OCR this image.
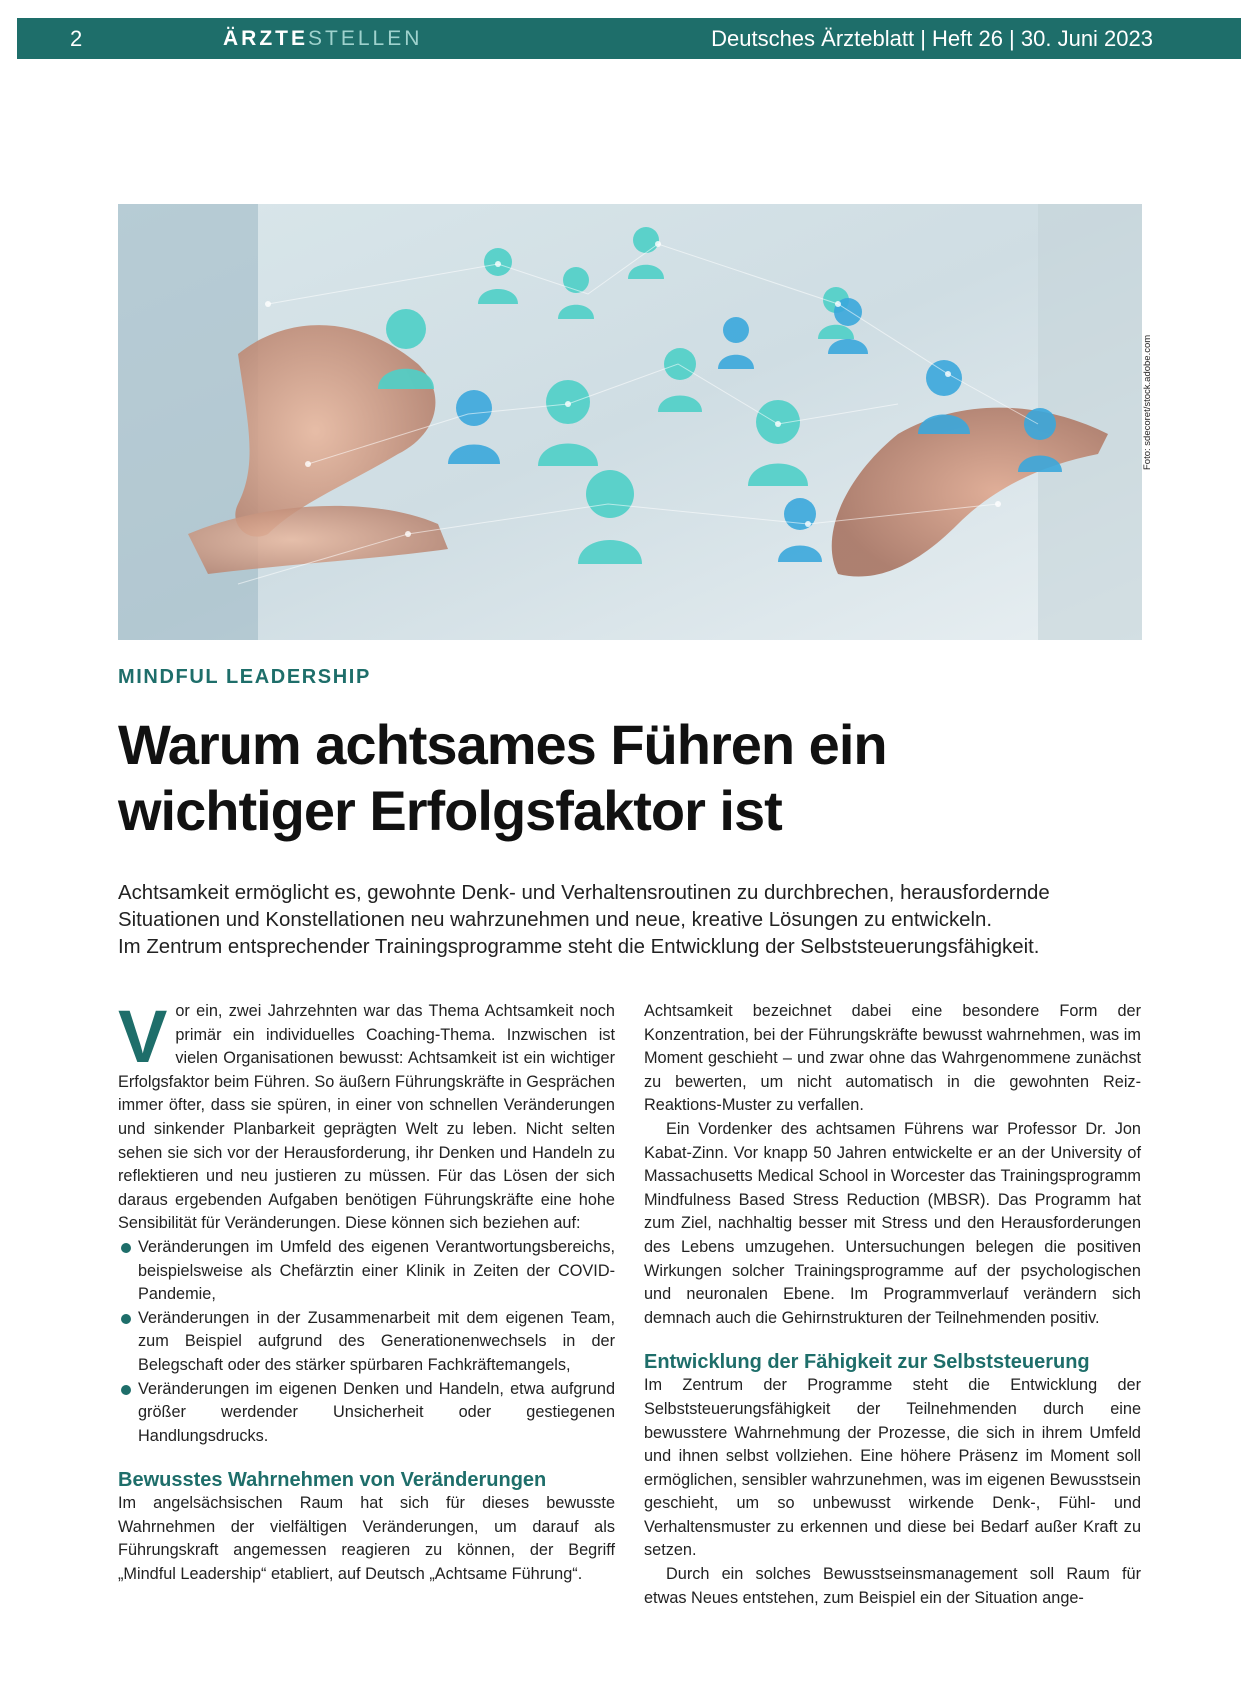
2	ÄRZTESTELLEN	Deutsches Ärzteblatt | Heft 26 | 30. Juni 2023
Foto: sdecoret/stock.adobe.com
MINDFUL LEADERSHIP
Warum achtsames Führen ein
wichtiger Erfolgsfaktor ist

Achtsamkeit ermöglicht es, gewohnte Denk- und Verhaltensroutinen zu durchbrechen, herausfordernde
Situationen und Konstellationen neu wahrzunehmen und neue, kreative Lösungen zu entwickeln.
Im Zentrum entsprechender Trainingsprogramme steht die Entwicklung der Selbststeuerungsfähigkeit.

Vor ein, zwei Jahrzehnten war das Thema Achtsamkeit noch primär ein individuelles Coaching-Thema. Inzwischen ist vielen Organisationen bewusst: Achtsamkeit ist ein wichtiger Erfolgsfaktor beim Führen. So äußern Führungskräfte in Gesprächen immer öfter, dass sie spüren, in einer von schnellen Veränderungen und sinkender Planbarkeit geprägten Welt zu leben. Nicht selten sehen sie sich vor der Herausforderung, ihr Denken und Handeln zu reflektieren und neu justieren zu müssen. Für das Lösen der sich daraus ergebenden Aufgaben benötigen Führungskräfte eine hohe Sensibilität für Veränderungen. Diese können sich beziehen auf:

Veränderungen im Umfeld des eigenen Verantwortungsbereichs, beispielsweise als Chefärztin einer Klinik in Zeiten der COVID-Pandemie,
Veränderungen in der Zusammenarbeit mit dem eigenen Team, zum Beispiel aufgrund des Generationenwechsels in der Belegschaft oder des stärker spürbaren Fachkräftemangels,
Veränderungen im eigenen Denken und Handeln, etwa aufgrund größer werdender Unsicherheit oder gestiegenen Handlungsdrucks.
Bewusstes Wahrnehmen von Veränderungen

Im angelsächsischen Raum hat sich für dieses bewusste Wahrnehmen der vielfältigen Veränderungen, um darauf als Führungskraft angemessen reagieren zu können, der Begriff „Mindful Leadership“ etabliert, auf Deutsch „Achtsame Führung“.

Achtsamkeit bezeichnet dabei eine besondere Form der Konzentration, bei der Führungskräfte bewusst wahrnehmen, was im Moment geschieht – und zwar ohne das Wahrgenommene zunächst zu bewerten, um nicht automatisch in die gewohnten Reiz-Reaktions-Muster zu verfallen.

Ein Vordenker des achtsamen Führens war Professor Dr. Jon Kabat-Zinn. Vor knapp 50 Jahren entwickelte er an der University of Massachusetts Medical School in Worcester das Trainingsprogramm Mindfulness Based Stress Reduction (MBSR). Das Programm hat zum Ziel, nachhaltig besser mit Stress und den Herausforderungen des Lebens umzugehen. Untersuchungen belegen die positiven Wirkungen solcher Trainingsprogramme auf der psychologischen und neuronalen Ebene. Im Programmverlauf verändern sich demnach auch die Gehirnstrukturen der Teilnehmenden positiv.

Entwicklung der Fähigkeit zur Selbststeuerung

Im Zentrum der Programme steht die Entwicklung der Selbststeuerungsfähigkeit der Teilnehmenden durch eine bewusstere Wahrnehmung der Prozesse, die sich in ihrem Umfeld und ihnen selbst vollziehen. Eine höhere Präsenz im Moment soll ermöglichen, sensibler wahrzunehmen, was im eigenen Bewusstsein geschieht, um so unbewusst wirkende Denk-, Fühl- und Verhaltensmuster zu erkennen und diese bei Bedarf außer Kraft zu setzen.

Durch ein solches Bewusstseinsmanagement soll Raum für etwas Neues entstehen, zum Beispiel ein der Situation ange-
